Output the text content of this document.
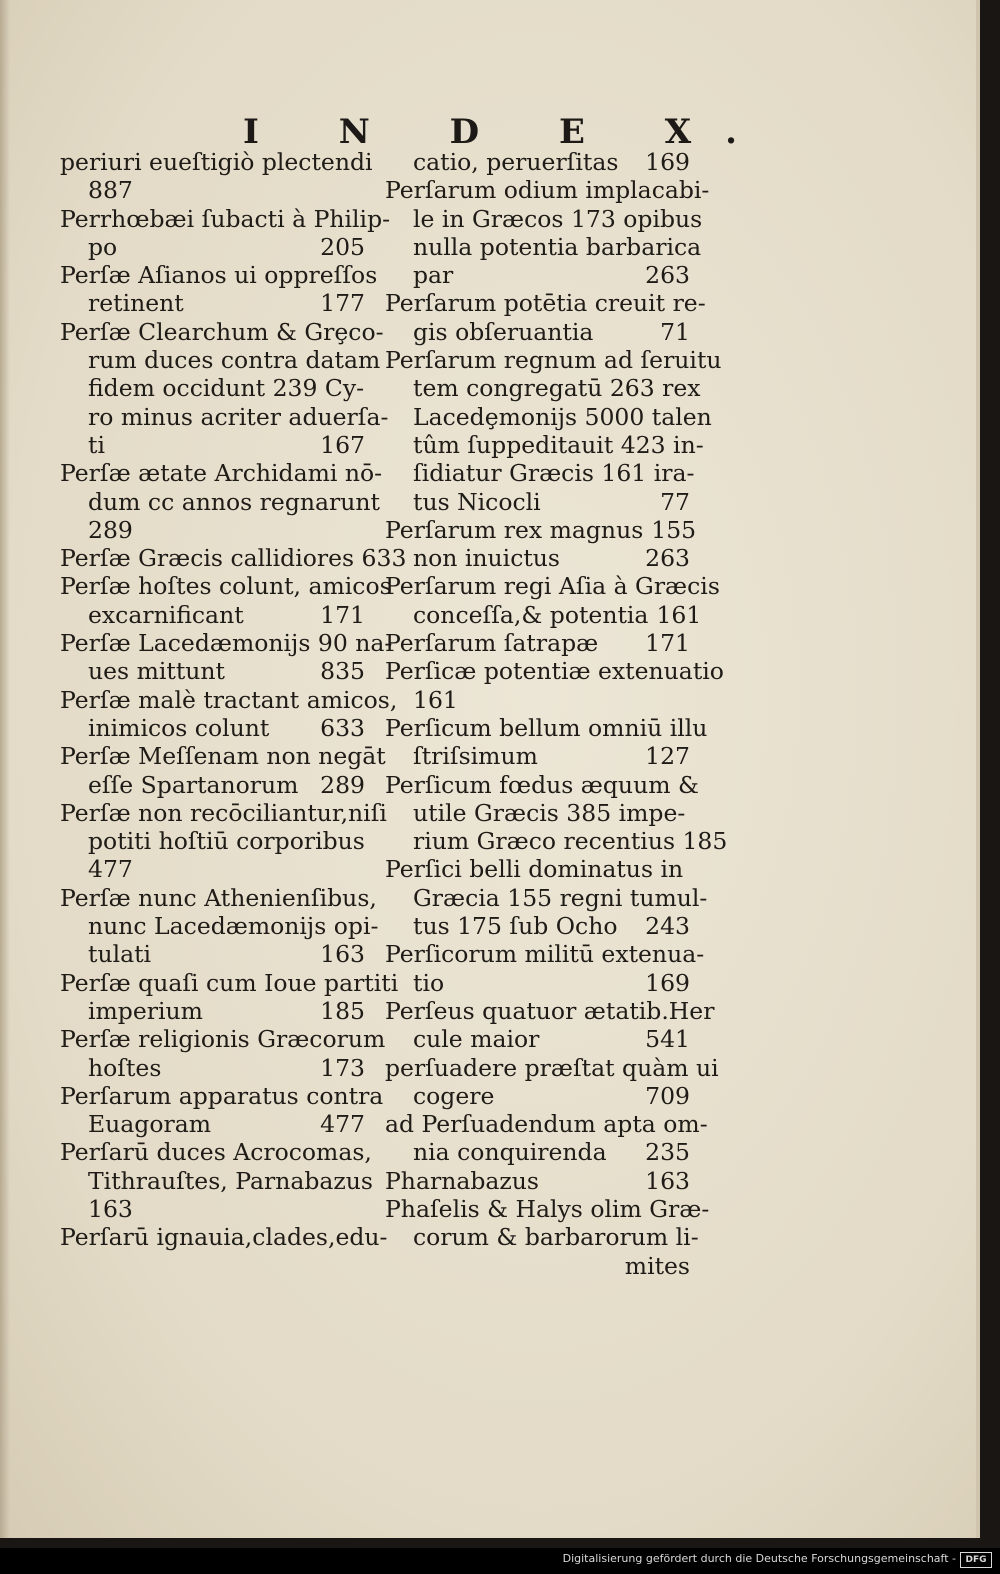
I N D E X.
periuri eueſtigiò plectendi
887
Perrhœbæi ſubacti à Philip-
po	205
Perſæ Aſianos ui oppreſſos
retinent	177
Perſæ Clearchum & Grȩco-
rum duces contra datam
fidem occidunt 239 Cy-
ro minus acriter aduerſa-
ti	167
Perſæ ætate Archidami nō-
dum cc annos regnarunt
289
Perſæ Græcis callidiores 633
Perſæ hoſtes colunt, amicos
excarnificant	171
Perſæ Lacedæmonijs 90 na-
ues mittunt	835
Perſæ malè tractant amicos,
inimicos colunt	633
Perſæ Meſſenam non negāt
eſſe Spartanorum 289
Perſæ non recōciliantur,niſi
potiti hoſtiū corporibus
477
Perſæ nunc Athenienſibus,
nunc Lacedæmonijs opi-
tulati	163
Perſæ quaſi cum Ioue partiti
imperium	185
Perſæ religionis Græcorum
hoſtes	173
Perſarum apparatus contra
Euagoram	477
Perſarū duces Acrocomas,
Tithrauſtes, Parnabazus
163
Perſarū ignauia,clades,edu-
catio, peruerſitas	169
Perſarum odium implacabi-
le in Græcos 173 opibus
nulla potentia barbarica
par	263
Perſarum potētia creuit re-
gis obſeruantia	71
Perſarum regnum ad ſeruitu
tem congregatū 263 rex
Lacedȩmonijs 5000 talen
tûm ſuppeditauit 423 in-
ſidiatur Græcis 161 ira-
tus Nicocli	77
Perſarum rex magnus 155
non inuictus	263
Perſarum regi Aſia à Græcis
conceſſa,& potentia 161
Perſarum ſatrapæ	171
Perſicæ potentiæ extenuatio
161
Perſicum bellum omniū illu
ſtriſsimum	127
Perſicum fœdus æquum &
utile Græcis 385 impe-
rium Græco recentius 185
Perſici belli dominatus in
Græcia 155 regni tumul-
tus 175 ſub Ocho	243
Perſicorum militū extenua-
tio	169
Perſeus quatuor ætatib.Her
cule maior	541
perſuadere præſtat quàm ui
cogere	709
ad Perſuadendum apta om-
nia conquirenda	235
Pharnabazus	163
Phaſelis & Halys olim Græ-
corum & barbarorum li-
mites
Digitalisierung gefördert durch die Deutsche Forschungsgemeinschaft -	DFG
